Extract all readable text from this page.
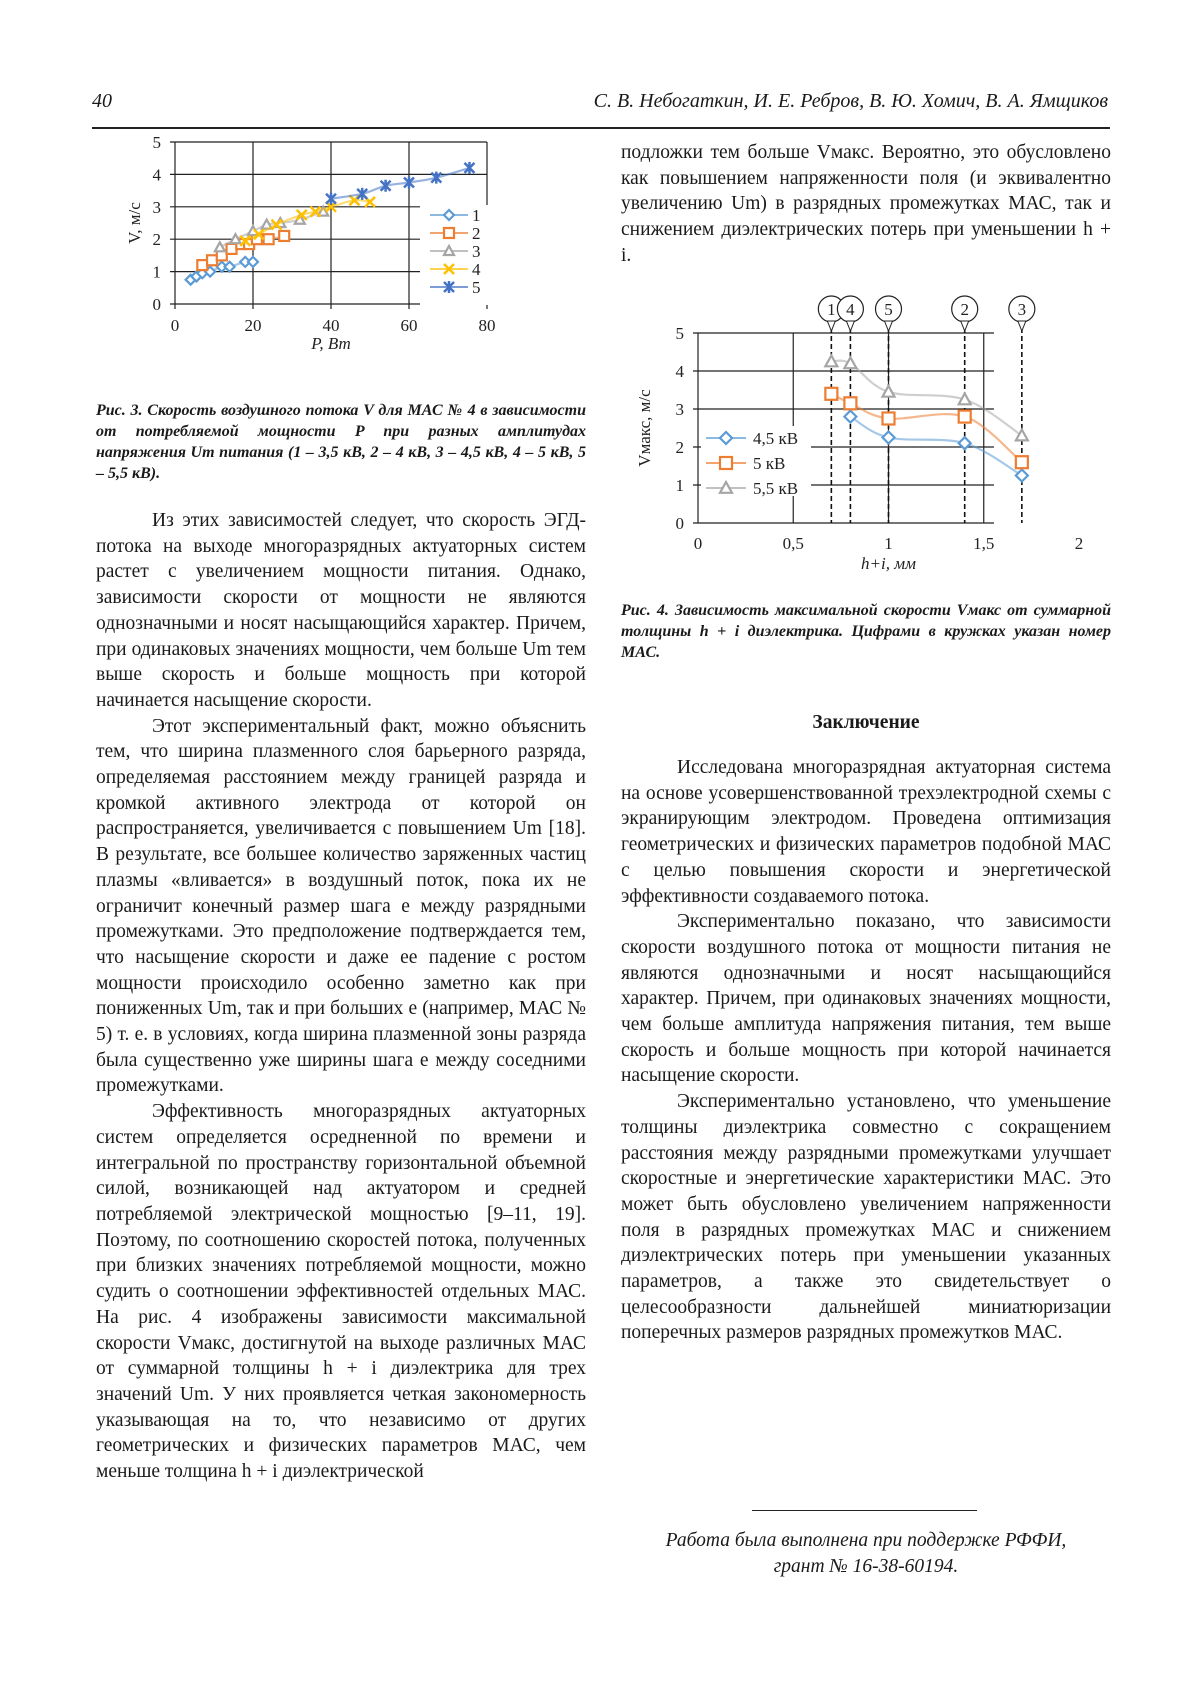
40	С. В. Небогаткин, И. Е. Ребров, В. Ю. Хомич, В. А. Ямщиков
0
1
2
3
4
5
0	20	40	60	80
P, Вт
V, м/с	1
2
3
4
5
Рис. 3. Скорость воздушного потока V для МАС № 4 в зависимости от потребляемой мощности P при разных амплитудах напряжения Um питания (1 – 3,5 кВ, 2 – 4 кВ, 3 – 4,5 кВ, 4 – 5 кВ, 5 – 5,5 кВ).
0
1
2
3
4
5
0	0,5	1	1,5	2
h+i, мм
Vмакс, м/с
1 4 5	2	3
4,5 кВ
5 кВ
5,5 кВ
Рис. 4. Зависимость максимальной скорости Vмакс от суммарной толщины h + i диэлектрика. Цифрами в кружках указан номер МАС.

Из этих зависимостей следует, что скорость ЭГД-потока на выходе многоразрядных актуаторных систем растет с увеличением мощности питания. Однако, зависимости скорости от мощности не являются однозначными и носят насыщающийся характер. Причем, при одинаковых значениях мощности, чем больше Um тем выше скорость и больше мощность при которой начинается насыщение скорости.

Этот экспериментальный факт, можно объяснить тем, что ширина плазменного слоя барьерного разряда, определяемая расстоянием между границей разряда и кромкой активного электрода от которой он распространяется, увеличивается с повышением Um [18]. В результате, все большее количество заряженных частиц плазмы «вливается» в воздушный поток, пока их не ограничит конечный размер шага e между разрядными промежутками. Это предположение подтверждается тем, что насыщение скорости и даже ее падение с ростом мощности происходило особенно заметно как при пониженных Um, так и при больших e (например, МАС № 5) т. е. в условиях, когда ширина плазменной зоны разряда была существенно уже ширины шага e между соседними промежутками.

Эффективность многоразрядных актуаторных систем определяется осредненной по времени и интегральной по пространству горизонтальной объемной силой, возникающей над актуатором и средней потребляемой электрической мощностью [9–11, 19]. Поэтому, по соотношению скоростей потока, полученных при близких значениях потребляемой мощности, можно судить о соотношении эффективностей отдельных МАС. На рис. 4 изображены зависимости максимальной скорости Vмакс, достигнутой на выходе различных МАС от суммарной толщины h + i диэлектрика для трех значений Um. У них проявляется четкая закономерность указывающая на то, что независимо от других геометрических и физических параметров МАС, чем меньше толщина h + i диэлектрической

подложки тем больше Vмакс. Вероятно, это обусловлено как повышением напряженности поля (и эквивалентно увеличению Um) в разрядных промежутках МАС, так и снижением диэлектрических потерь при уменьшении h + i.

Заключение

Исследована многоразрядная актуаторная система на основе усовершенствованной трехэлектродной схемы с экранирующим электродом. Проведена оптимизация геометрических и физических параметров подобной МАС с целью повышения скорости и энергетической эффективности создаваемого потока.

Экспериментально показано, что зависимости скорости воздушного потока от мощности питания не являются однозначными и носят насыщающийся характер. Причем, при одинаковых значениях мощности, чем больше амплитуда напряжения питания, тем выше скорость и больше мощность при которой начинается насыщение скорости.

Экспериментально установлено, что уменьшение толщины диэлектрика совместно с сокращением расстояния между разрядными промежутками улучшает скоростные и энергетические характеристики МАС. Это может быть обусловлено увеличением напряженности поля в разрядных промежутках МАС и снижением диэлектрических потерь при уменьшении указанных параметров, а также это свидетельствует о целесообразности дальнейшей миниатюризации поперечных размеров разрядных промежутков МАС.

Работа была выполнена при поддержке РФФИ,
грант № 16-38-60194.
